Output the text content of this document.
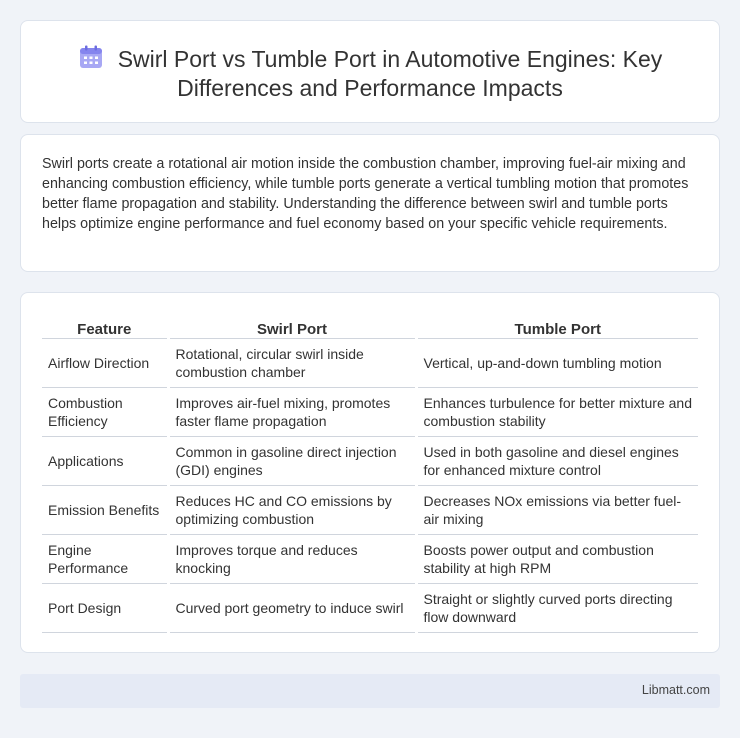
Swirl Port vs Tumble Port in Automotive Engines: Key Differences and Performance Impacts

Swirl ports create a rotational air motion inside the combustion chamber, improving fuel-air mixing and enhancing combustion efficiency, while tumble ports generate a vertical tumbling motion that promotes better flame propagation and stability. Understanding the difference between swirl and tumble ports helps optimize engine performance and fuel economy based on your specific vehicle requirements.

Feature	Swirl Port	Tumble Port
Airflow Direction	Rotational, circular swirl inside combustion chamber	Vertical, up-and-down tumbling motion
Combustion Efficiency	Improves air-fuel mixing, promotes faster flame propagation	Enhances turbulence for better mixture and combustion stability
Applications	Common in gasoline direct injection (GDI) engines	Used in both gasoline and diesel engines for enhanced mixture control
Emission Benefits	Reduces HC and CO emissions by optimizing combustion	Decreases NOx emissions via better fuel-air mixing
Engine Performance	Improves torque and reduces knocking	Boosts power output and combustion stability at high RPM
Port Design	Curved port geometry to induce swirl	Straight or slightly curved ports directing flow downward
Libmatt.com
